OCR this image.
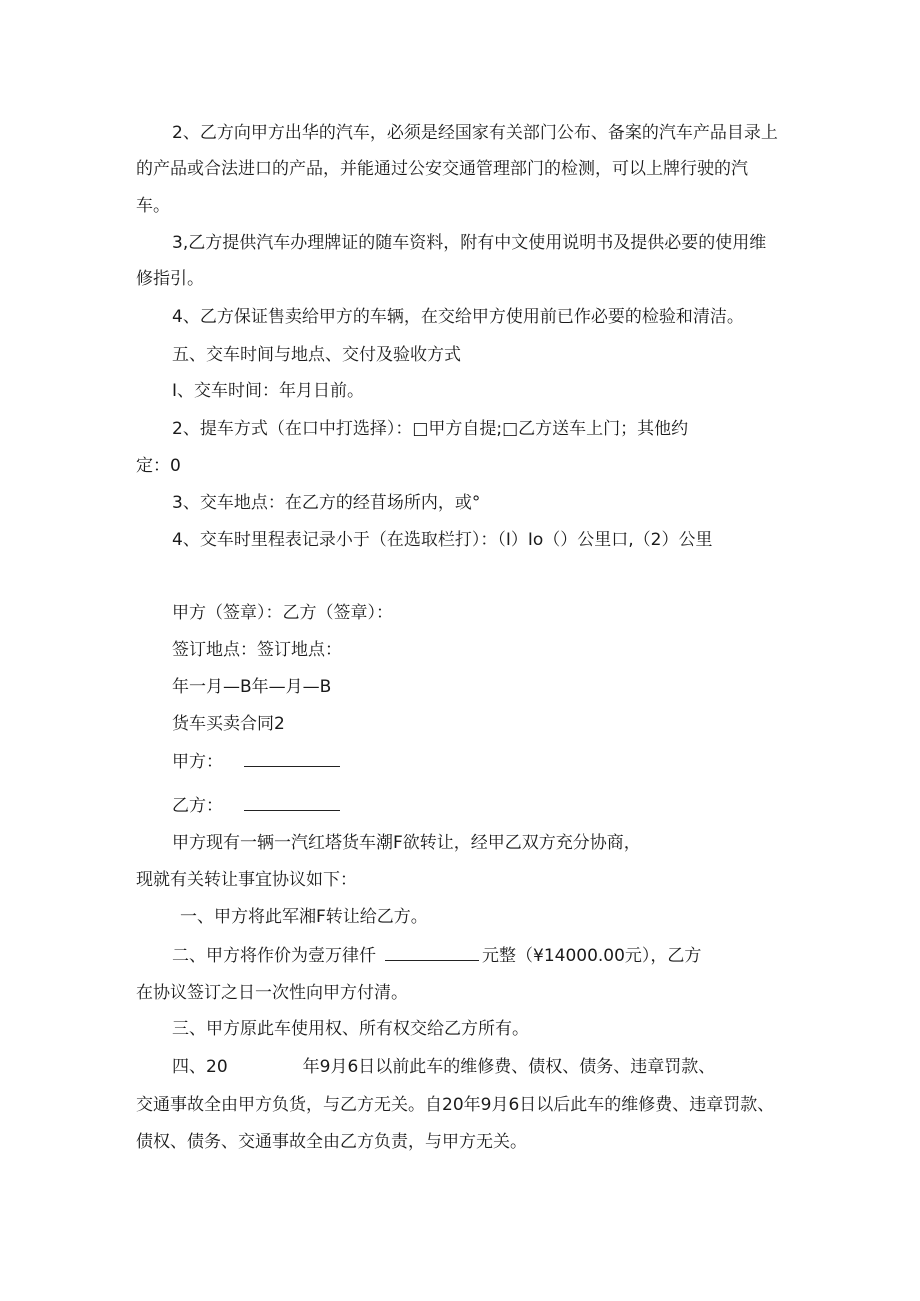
2、乙方向甲方出华的汽车，必须是经国家有关部门公布、备案的汽车产品目录上
的产品或合法进口的产品，并能通过公安交通管理部门的检测，可以上牌行驶的汽
车。
3,乙方提供汽车办理牌证的随车资料，附有中文使用说明书及提供必要的使用维
修指引。
4、乙方保证售卖给甲方的车辆，在交给甲方使用前已作必要的检验和清洁。
五、交车时间与地点、交付及验收方式
I、交车时间：年月日前。
2、提车方式（在口中打选择）：□甲方自提;□乙方送车上门；其他约
定：0
3、交车地点：在乙方的经苜场所内，或°
4、交车时里程表记录小于（在选取栏打）：（I）Io（）公里口,（2）公里
甲方（签章）：乙方（签章）：
签订地点：签订地点：
年一月—B年—月—B
货车买卖合同2
甲方：
乙方：
甲方现有一辆一汽红塔货车潮F欲转让，经甲乙双方充分协商，
现就有关转让事宜协议如下：
一、甲方将此军湘F转让给乙方。
二、甲方将作价为壹万律仟	元整（¥14000.00元），乙方
在协议签订之日一次性向甲方付清。
三、甲方原此车使用权、所有权交给乙方所有。
四、20	年9月6日以前此车的维修费、债权、债务、违章罚款、
交通事故全由甲方负货，与乙方无关。自20年9月6日以后此车的维修费、违章罚款、
债权、债务、交通事故全由乙方负责，与甲方无关。
